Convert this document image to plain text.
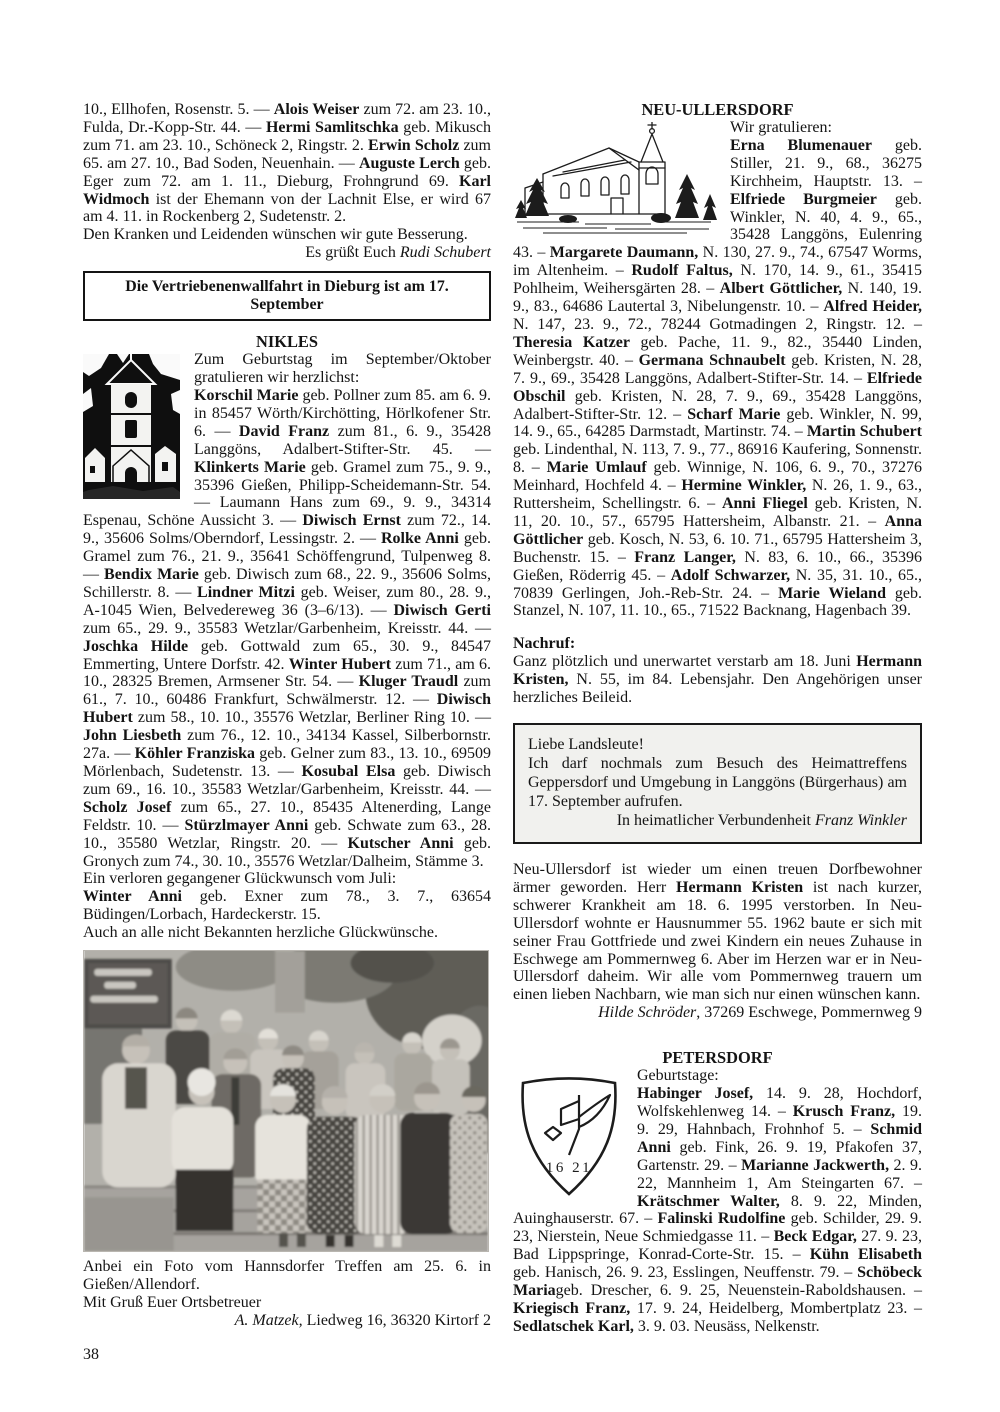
10., Ellhofen, Rosenstr. 5. — Alois Weiser zum 72. am 23. 10., Fulda, Dr.-Kopp-Str. 44. — Hermi Samlitschka geb. Mikusch zum 71. am 23. 10., Schöneck 2, Ringstr. 2. Erwin Scholz zum 65. am 27. 10., Bad Soden, Neuenhain. — Auguste Lerch geb. Eger zum 72. am 1. 11., Dieburg, Frohngrund 69. Karl Widmoch ist der Ehemann von der Lachnit Else, er wird 67 am 4. 11. in Rockenberg 2, Sudetenstr. 2.

Den Kranken und Leidenden wünschen wir gute Besserung.

Es grüßt Euch Rudi Schubert

Die Vertriebenenwallfahrt in Dieburg ist am 17. September
NIKLES

Zum Geburtstag im September/Oktober gratulieren wir herzlichst:
Korschil Marie geb. Pollner zum 85. am 6. 9. in 85457 Wörth/Kirchötting, Hörlkofener Str. 6. — David Franz zum 81., 6. 9., 35428 Langgöns, Adalbert-Stifter-Str. 45. — Klinkerts Marie geb. Gramel zum 75., 9. 9., 35396 Gießen, Philipp-Scheidemann-Str. 54. — Laumann Hans zum 69., 9. 9., 34314 Espenau, Schöne Aussicht 3. — Diwisch Ernst zum 72., 14. 9., 35606 Solms/Oberndorf, Lessingstr. 2. — Rolke Anni geb. Gramel zum 76., 21. 9., 35641 Schöffengrund, Tulpenweg 8. — Bendix Marie geb. Diwisch zum 68., 22. 9., 35606 Solms, Schillerstr. 8. — Lindner Mitzi geb. Weiser, zum 80., 28. 9., A-1045 Wien, Belvedereweg 36 (3–6/13). — Diwisch Gerti zum 65., 29. 9., 35583 Wetzlar/Garbenheim, Kreisstr. 44. — Joschka Hilde geb. Gottwald zum 65., 30. 9., 84547 Emmerting, Untere Dorfstr. 42. Winter Hubert zum 71., am 6. 10., 28325 Bremen, Armsener Str. 54. — Kluger Traudl zum 61., 7. 10., 60486 Frankfurt, Schwälmerstr. 12. — Diwisch Hubert zum 58., 10. 10., 35576 Wetzlar, Berliner Ring 10. — John Liesbeth zum 76., 12. 10., 34134 Kassel, Silberbornstr. 27a. — Köhler Franziska geb. Gelner zum 83., 13. 10., 69509 Mörlenbach, Sudetenstr. 13. — Kosubal Elsa geb. Diwisch zum 69., 16. 10., 35583 Wetzlar/Garbenheim, Kreisstr. 44. — Scholz Josef zum 65., 27. 10., 85435 Altenerding, Lange Feldstr. 10. — Stürzlmayer Anni geb. Schwate zum 63., 28. 10., 35580 Wetzlar, Ringstr. 20. — Kutscher Anni geb. Gronych zum 74., 30. 10., 35576 Wetzlar/Dalheim, Stämme 3.

Ein verloren gegangener Glückwunsch vom Juli:

Winter Anni geb. Exner zum 78., 3. 7., 63654 Büdingen/Lorbach, Hardeckerstr. 15.

Auch an alle nicht Bekannten herzliche Glückwünsche.

Anbei ein Foto vom Hannsdorfer Treffen am 25. 6. in Gießen/Allendorf.

Mit Gruß Euer Ortsbetreuer

A. Matzek, Liedweg 16, 36320 Kirtorf 2

NEU-ULLERSDORF

Wir gratulieren:
Erna Blumenauer geb. Stiller, 21. 9., 68., 36275 Kirchheim, Hauptstr. 13. – Elfriede Burgmeier geb. Winkler, N. 40, 4. 9., 65., 35428 Langgöns, Eulenring 43. – Margarete Daumann, N. 130, 27. 9., 74., 67547 Worms, im Altenheim. – Rudolf Faltus, N. 170, 14. 9., 61., 35415 Pohlheim, Weihersgärten 28. – Albert Göttlicher, N. 140, 19. 9., 83., 64686 Lautertal 3, Nibelungenstr. 10. – Alfred Heider, N. 147, 23. 9., 72., 78244 Gotmadingen 2, Ringstr. 12. – Theresia Katzer geb. Pache, 11. 9., 82., 35440 Linden, Weinbergstr. 40. – Germana Schnaubelt geb. Kristen, N. 28, 7. 9., 69., 35428 Langgöns, Adalbert-Stifter-Str. 14. – Elfriede Obschil geb. Kristen, N. 28, 7. 9., 69., 35428 Langgöns, Adalbert-Stifter-Str. 12. – Scharf Marie geb. Winkler, N. 99, 14. 9., 65., 64285 Darmstadt, Martinstr. 74. – Martin Schubert geb. Lindenthal, N. 113, 7. 9., 77., 86916 Kaufering, Sonnenstr. 8. – Marie Umlauf geb. Winnige, N. 106, 6. 9., 70., 37276 Meinhard, Hochfeld 4. – Hermine Winkler, N. 26, 1. 9., 63., Ruttersheim, Schellingstr. 6. – Anni Fliegel geb. Kristen, N. 11, 20. 10., 57., 65795 Hattersheim, Albanstr. 21. – Anna Göttlicher geb. Kosch, N. 53, 6. 10. 71., 65795 Hattersheim 3, Buchenstr. 15. – Franz Langer, N. 83, 6. 10., 66., 35396 Gießen, Röderrig 45. – Adolf Schwarzer, N. 35, 31. 10., 65., 70839 Gerlingen, Joh.-Reb-Str. 24. – Marie Wieland geb. Stanzel, N. 107, 11. 10., 65., 71522 Backnang, Hagenbach 39.

Nachruf:

Ganz plötzlich und unerwartet verstarb am 18. Juni Hermann Kristen, N. 55, im 84. Lebensjahr. Den Angehörigen unser herzliches Beileid.

Liebe Landsleute!

Ich darf nochmals zum Besuch des Heimattreffens Geppersdorf und Umgebung in Langgöns (Bürgerhaus) am 17. September aufrufen.

In heimatlicher Verbundenheit Franz Winkler

Neu-Ullersdorf ist wieder um einen treuen Dorfbewohner ärmer geworden. Herr Hermann Kristen ist nach kurzer, schwerer Krankheit am 18. 6. 1995 verstorben. In Neu-Ullersdorf wohnte er Hausnummer 55. 1962 baute er sich mit seiner Frau Gottfriede und zwei Kindern ein neues Zuhause in Eschwege am Pommernweg 6. Aber im Herzen war er in Neu-Ullersdorf daheim. Wir alle vom Pommernweg trauern um einen lieben Nachbarn, wie man sich nur einen wünschen kann.

Hilde Schröder, 37269 Eschwege, Pommernweg 9

PETERSDORF
16 21

Geburtstage:
Habinger Josef, 14. 9. 28, Hochdorf, Wolfskehlenweg 14. – Krusch Franz, 19. 9. 29, Hahnbach, Frohnhof 5. – Schmid Anni geb. Fink, 26. 9. 19, Pfakofen 37, Gartenstr. 29. – Marianne Jackwerth, 2. 9. 22, Mannheim 1, Am Steingarten 67. – Krätschmer Walter, 8. 9. 22, Minden, Auinghauserstr. 67. – Falinski Rudolfine geb. Schilder, 29. 9. 23, Nierstein, Neue Schmiedgasse 11. – Beck Edgar, 27. 9. 23, Bad Lippspringe, Konrad-Corte-Str. 15. – Kühn Elisabeth geb. Hanisch, 26. 9. 23, Esslingen, Neuffenstr. 79. – Schöbeck Mariageb. Drescher, 6. 9. 25, Neuenstein-Raboldshausen. – Kriegisch Franz, 17. 9. 24, Heidelberg, Mombertplatz 23. – Sedlatschek Karl, 3. 9. 03. Neusäss, Nelkenstr.

38
